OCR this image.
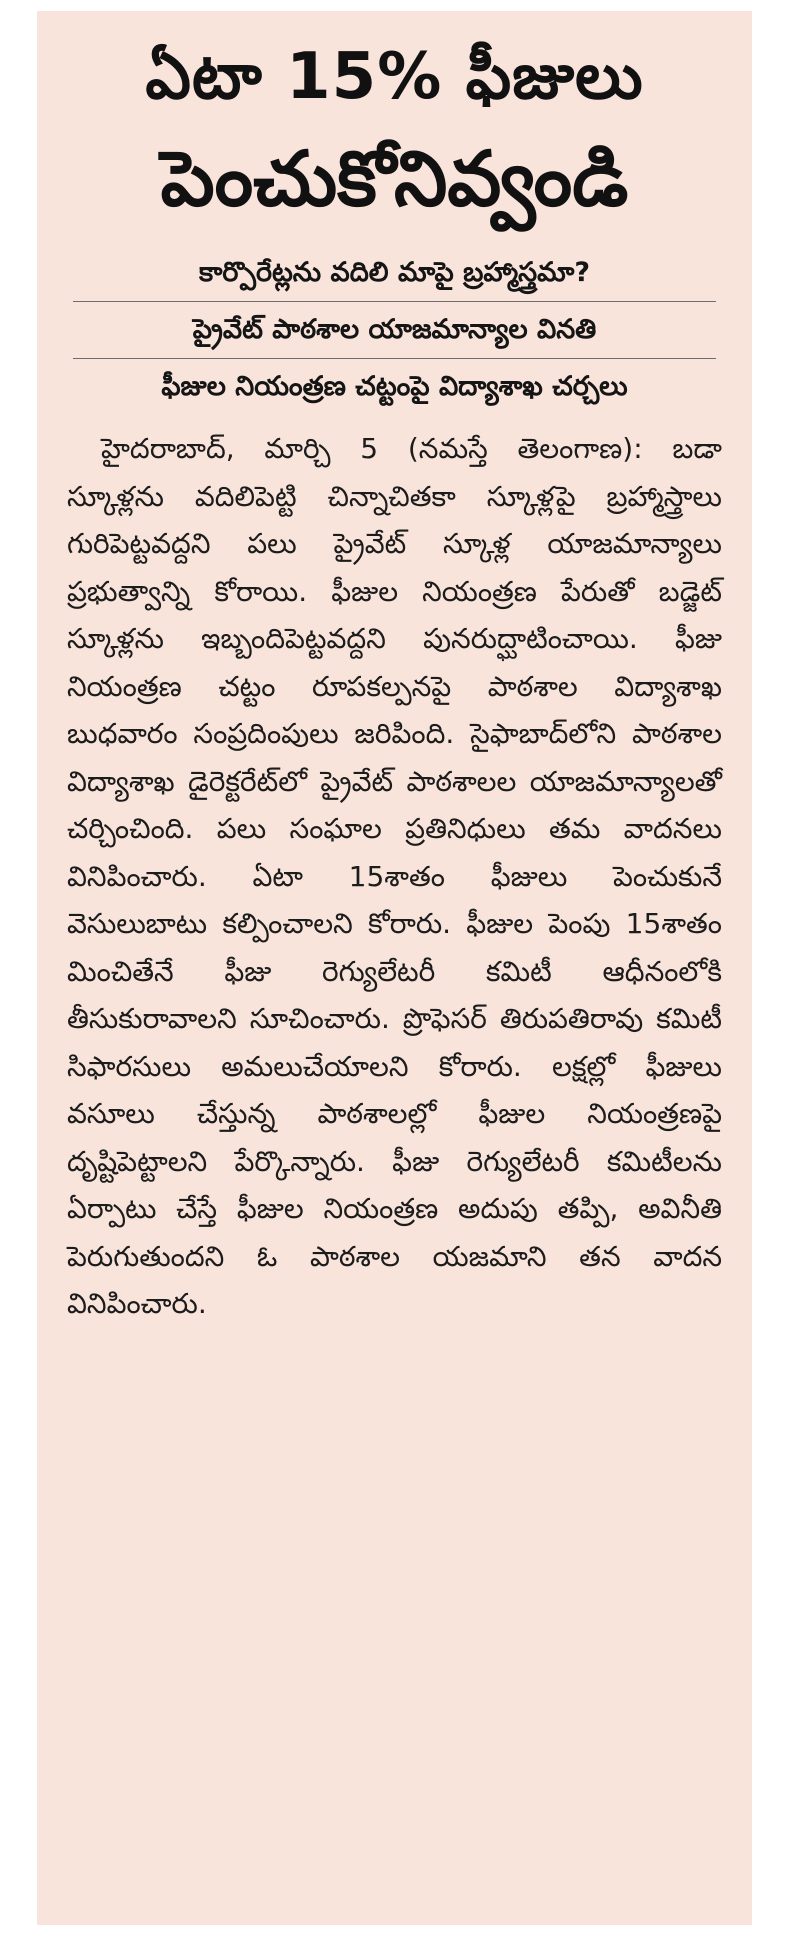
ఏటా 15% ఫీజులు
పెంచుకోనివ్వండి
కార్పొరేట్లను వదిలి మాపై బ్రహ్మాస్త్రమా?
ప్రైవేట్ పాఠశాల యాజమాన్యాల వినతి
ఫీజుల నియంత్రణ చట్టంపై విద్యాశాఖ చర్చలు
హైదరాబాద్, మార్చి 5 (నమస్తే తెలంగాణ): బడా స్కూళ్లను వదిలిపెట్టి చిన్నాచితకా స్కూళ్లపై బ్రహ్మాస్త్రాలు గురిపెట్టవద్దని పలు ప్రైవేట్ స్కూళ్ల యాజమాన్యాలు ప్రభుత్వాన్ని కోరాయి. ఫీజుల నియంత్రణ పేరుతో బడ్జెట్ స్కూళ్లను ఇబ్బందిపెట్టవద్దని పునరుద్ఘాటించాయి. ఫీజు నియంత్రణ చట్టం రూపకల్పనపై పాఠశాల విద్యాశాఖ బుధవారం సంప్రదింపులు జరిపింది. సైఫాబాద్‌లోని పాఠశాల విద్యాశాఖ డైరెక్టరేట్‌లో ప్రైవేట్ పాఠశాలల యాజమాన్యాలతో చర్చించింది. పలు సంఘాల ప్రతినిధులు తమ వాదనలు వినిపించారు. ఏటా 15శాతం ఫీజులు పెంచుకునే వెసులుబాటు కల్పించాలని కోరారు. ఫీజుల పెంపు 15శాతం మించితేనే ఫీజు రెగ్యులేటరీ కమిటీ ఆధీనంలోకి తీసుకురావాలని సూచించారు. ప్రొఫెసర్ తిరుపతిరావు కమిటీ సిఫారసులు అమలుచేయాలని కోరారు. లక్షల్లో ఫీజులు వసూలు చేస్తున్న పాఠశాలల్లో ఫీజుల నియంత్రణపై దృష్టిపెట్టాలని పేర్కొన్నారు. ఫీజు రెగ్యులేటరీ కమిటీలను ఏర్పాటు చేస్తే ఫీజుల నియంత్రణ అదుపు తప్పి, అవినీతి పెరుగుతుందని ఓ పాఠశాల యజమాని తన వాదన వినిపించారు.
